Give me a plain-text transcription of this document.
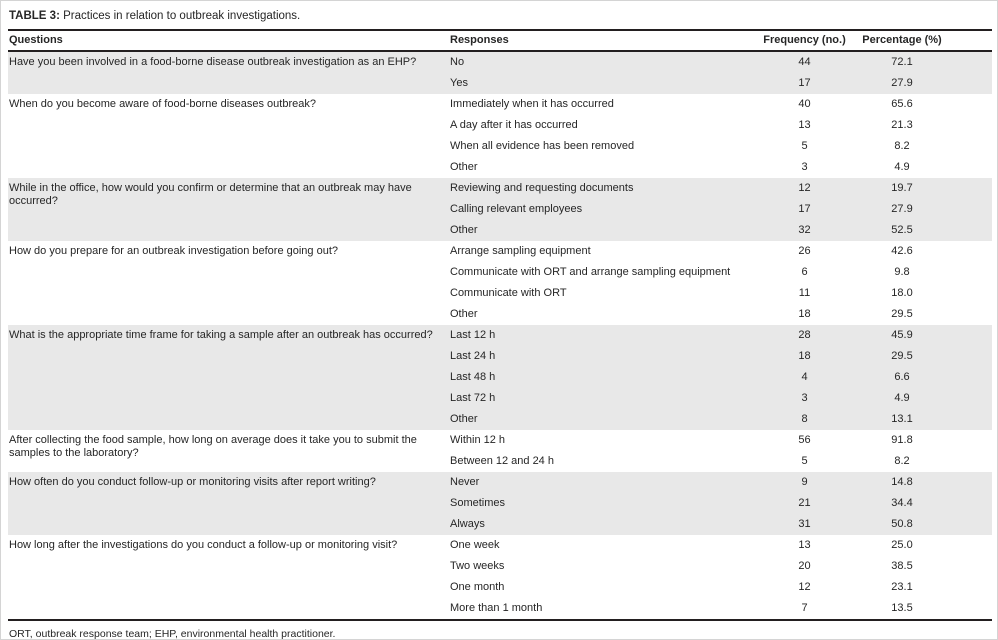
TABLE 3: Practices in relation to outbreak investigations.
Questions	Responses	Frequency (no.)	Percentage (%)	
Have you been involved in a food-borne disease outbreak investigation as an EHP?	No	44	72.1	
	Yes	17	27.9	
When do you become aware of food-borne diseases outbreak?	Immediately when it has occurred	40	65.6	
	A day after it has occurred	13	21.3	
	When all evidence has been removed	5	8.2	
	Other	3	4.9	
While in the office, how would you confirm or determine that an outbreak may have occurred?	Reviewing and requesting documents	12	19.7	
	Calling relevant employees	17	27.9	
	Other	32	52.5	
How do you prepare for an outbreak investigation before going out?	Arrange sampling equipment	26	42.6	
	Communicate with ORT and arrange sampling equipment	6	9.8	
	Communicate with ORT	11	18.0	
	Other	18	29.5	
What is the appropriate time frame for taking a sample after an outbreak has occurred?	Last 12 h	28	45.9	
	Last 24 h	18	29.5	
	Last 48 h	4	6.6	
	Last 72 h	3	4.9	
	Other	8	13.1	
After collecting the food sample, how long on average does it take you to submit the samples to the laboratory?	Within 12 h	56	91.8	
	Between 12 and 24 h	5	8.2	
How often do you conduct follow-up or monitoring visits after report writing?	Never	9	14.8	
	Sometimes	21	34.4	
	Always	31	50.8	
How long after the investigations do you conduct a follow-up or monitoring visit?	One week	13	25.0	
	Two weeks	20	38.5	
	One month	12	23.1	
	More than 1 month	7	13.5	
ORT, outbreak response team; EHP, environmental health practitioner.
